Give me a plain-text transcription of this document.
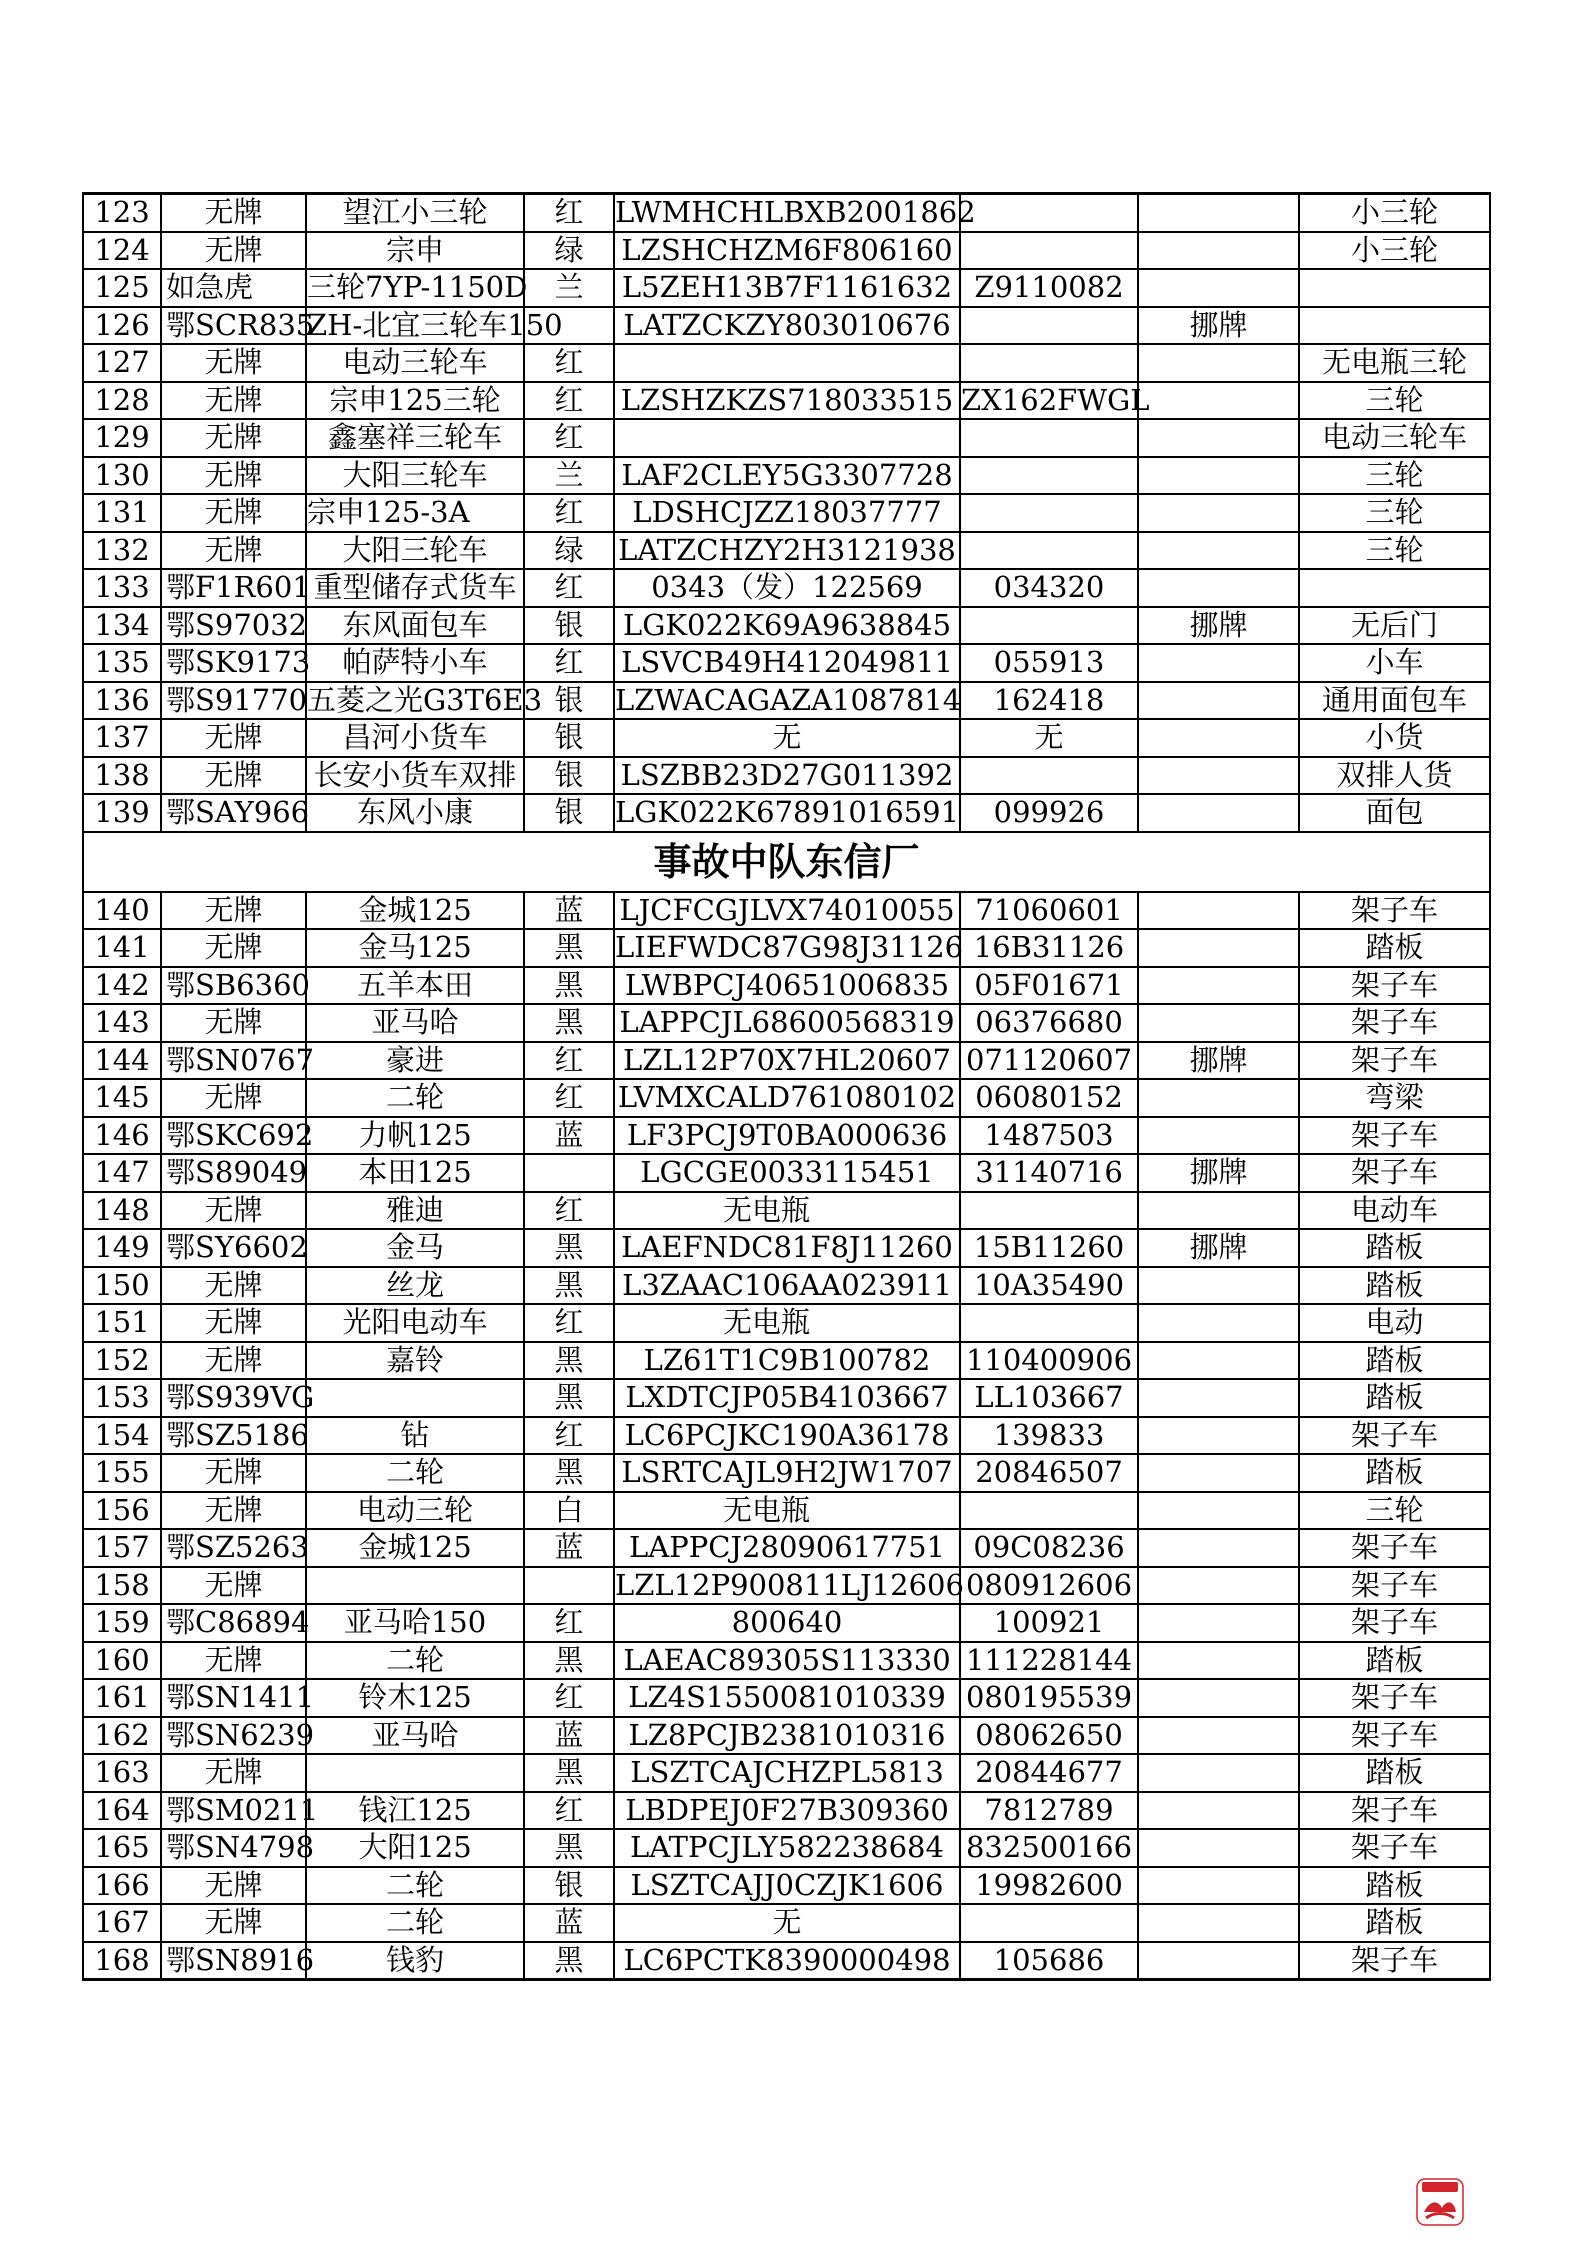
123	无牌	望江小三轮	红	LWMHCHLBXB2001862			小三轮
124	无牌	宗申	绿	LZSHCHZM6F806160			小三轮
125	如急虎	三轮7YP-1150D	兰	L5ZEH13B7F1161632	Z9110082		
126	鄂SCR835	ZH-北宜三轮车150		LATZCKZY803010676		挪牌	
127	无牌	电动三轮车	红				无电瓶三轮
128	无牌	宗申125三轮	红	LZSHZKZS718033515	ZX162FWGL		三轮
129	无牌	鑫塞祥三轮车	红				电动三轮车
130	无牌	大阳三轮车	兰	LAF2CLEY5G3307728			三轮
131	无牌	宗申125-3A	红	LDSHCJZZ18037777			三轮
132	无牌	大阳三轮车	绿	LATZCHZY2H3121938			三轮
133	鄂F1R601	重型储存式货车	红	0343（发）122569	034320		
134	鄂S97032	东风面包车	银	LGK022K69A9638845		挪牌	无后门
135	鄂SK9173	帕萨特小车	红	LSVCB49H412049811	055913		小车
136	鄂S91770	五菱之光G3T6E3	银	LZWACAGAZA1087814	162418		通用面包车
137	无牌	昌河小货车	银	无	无		小货
138	无牌	长安小货车双排	银	LSZBB23D27G011392			双排人货
139	鄂SAY966	东风小康	银	LGK022K67891016591	099926		面包
事故中队东信厂							
140	无牌	金城125	蓝	LJCFCGJLVX74010055	71060601		架子车
141	无牌	金马125	黑	LIEFWDC87G98J31126	16B31126		踏板
142	鄂SB6360	五羊本田	黑	LWBPCJ40651006835	05F01671		架子车
143	无牌	亚马哈	黑	LAPPCJL68600568319	06376680		架子车
144	鄂SN0767	豪进	红	LZL12P70X7HL20607	071120607	挪牌	架子车
145	无牌	二轮	红	LVMXCALD761080102	06080152		弯梁
146	鄂SKC692	力帆125	蓝	LF3PCJ9T0BA000636	1487503		架子车
147	鄂S89049	本田125		LGCGE0033115451	31140716	挪牌	架子车
148	无牌	雅迪	红	无电瓶			电动车
149	鄂SY6602	金马	黑	LAEFNDC81F8J11260	15B11260	挪牌	踏板
150	无牌	丝龙	黑	L3ZAAC106AA023911	10A35490		踏板
151	无牌	光阳电动车	红	无电瓶			电动
152	无牌	嘉铃	黑	LZ61T1C9B100782	110400906		踏板
153	鄂S939VG		黑	LXDTCJP05B4103667	LL103667		踏板
154	鄂SZ5186	钻	红	LC6PCJKC190A36178	139833		架子车
155	无牌	二轮	黑	LSRTCAJL9H2JW1707	20846507		踏板
156	无牌	电动三轮	白	无电瓶			三轮
157	鄂SZ5263	金城125	蓝	LAPPCJ28090617751	09C08236		架子车
158	无牌			LZL12P900811LJ12606	080912606		架子车
159	鄂C86894	亚马哈150	红	800640	100921		架子车
160	无牌	二轮	黑	LAEAC89305S113330	111228144		踏板
161	鄂SN1411	铃木125	红	LZ4S1550081010339	080195539		架子车
162	鄂SN6239	亚马哈	蓝	LZ8PCJB2381010316	08062650		架子车
163	无牌		黑	LSZTCAJCHZPL5813	20844677		踏板
164	鄂SM0211	钱江125	红	LBDPEJ0F27B309360	7812789		架子车
165	鄂SN4798	大阳125	黑	LATPCJLY582238684	832500166		架子车
166	无牌	二轮	银	LSZTCAJJ0CZJK1606	19982600		踏板
167	无牌	二轮	蓝	无			踏板
168	鄂SN8916	钱豹	黑	LC6PCTK8390000498	105686		架子车
